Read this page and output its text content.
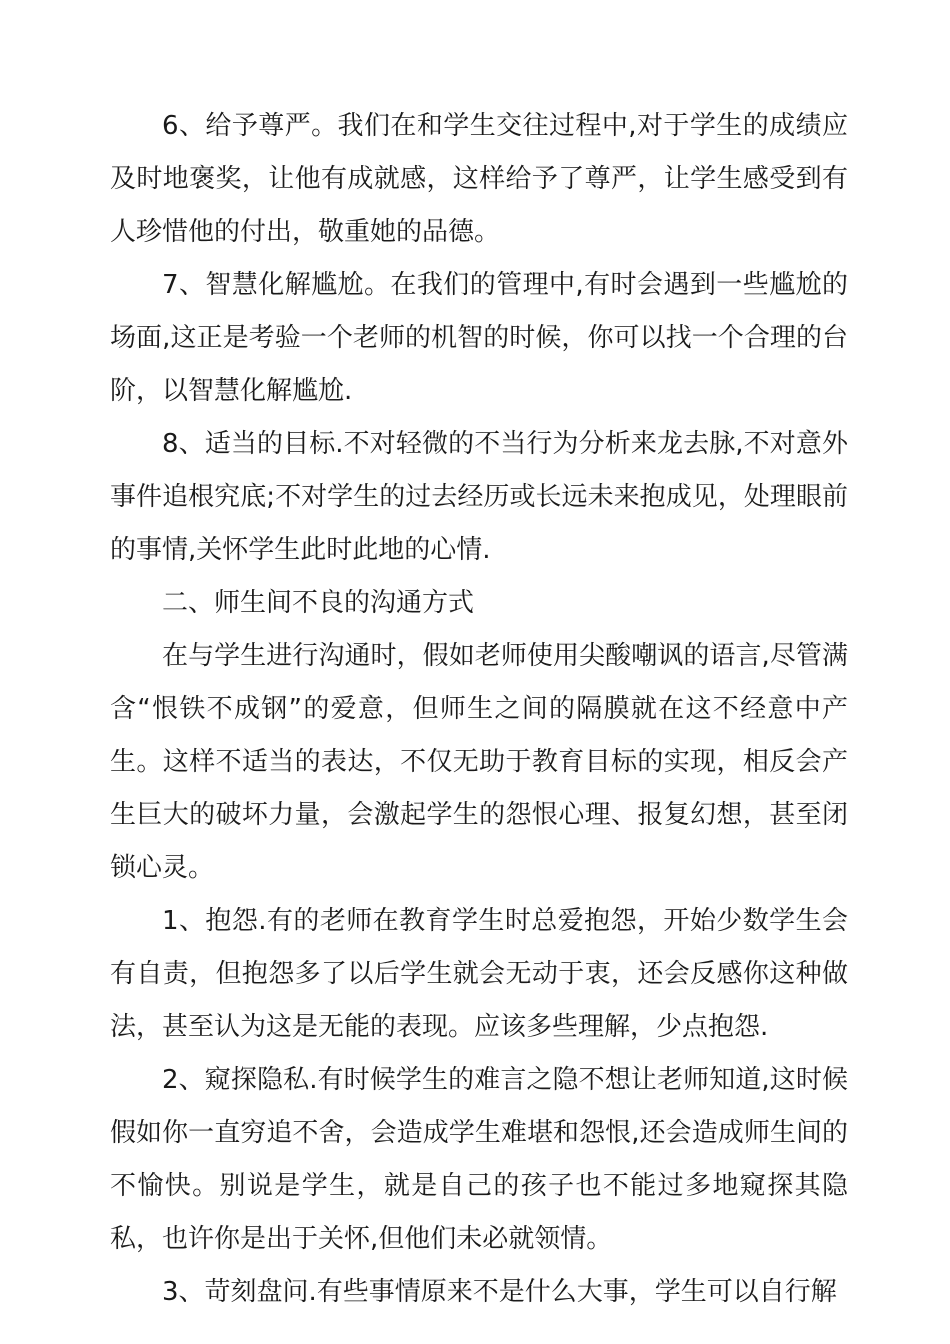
6、给予尊严。我们在和学生交往过程中,对于学生的成绩应及时地褒奖，让他有成就感，这样给予了尊严，让学生感受到有人珍惜他的付出，敬重她的品德。

7、智慧化解尴尬。在我们的管理中,有时会遇到一些尴尬的场面,这正是考验一个老师的机智的时候，你可以找一个合理的台阶，以智慧化解尴尬.

8、适当的目标.不对轻微的不当行为分析来龙去脉,不对意外事件追根究底;不对学生的过去经历或长远未来抱成见，处理眼前的事情,关怀学生此时此地的心情.

二、师生间不良的沟通方式

在与学生进行沟通时，假如老师使用尖酸嘲讽的语言,尽管满含“恨铁不成钢”的爱意，但师生之间的隔膜就在这不经意中产生。这样不适当的表达，不仅无助于教育目标的实现，相反会产生巨大的破坏力量，会激起学生的怨恨心理、报复幻想，甚至闭锁心灵。

1、抱怨.有的老师在教育学生时总爱抱怨，开始少数学生会有自责，但抱怨多了以后学生就会无动于衷，还会反感你这种做法，甚至认为这是无能的表现。应该多些理解，少点抱怨.

2、窥探隐私.有时候学生的难言之隐不想让老师知道,这时候假如你一直穷追不舍，会造成学生难堪和怨恨,还会造成师生间的不愉快。别说是学生，就是自己的孩子也不能过多地窥探其隐私，也许你是出于关怀,但他们未必就领情。

3、苛刻盘问.有些事情原来不是什么大事，学生可以自行解
